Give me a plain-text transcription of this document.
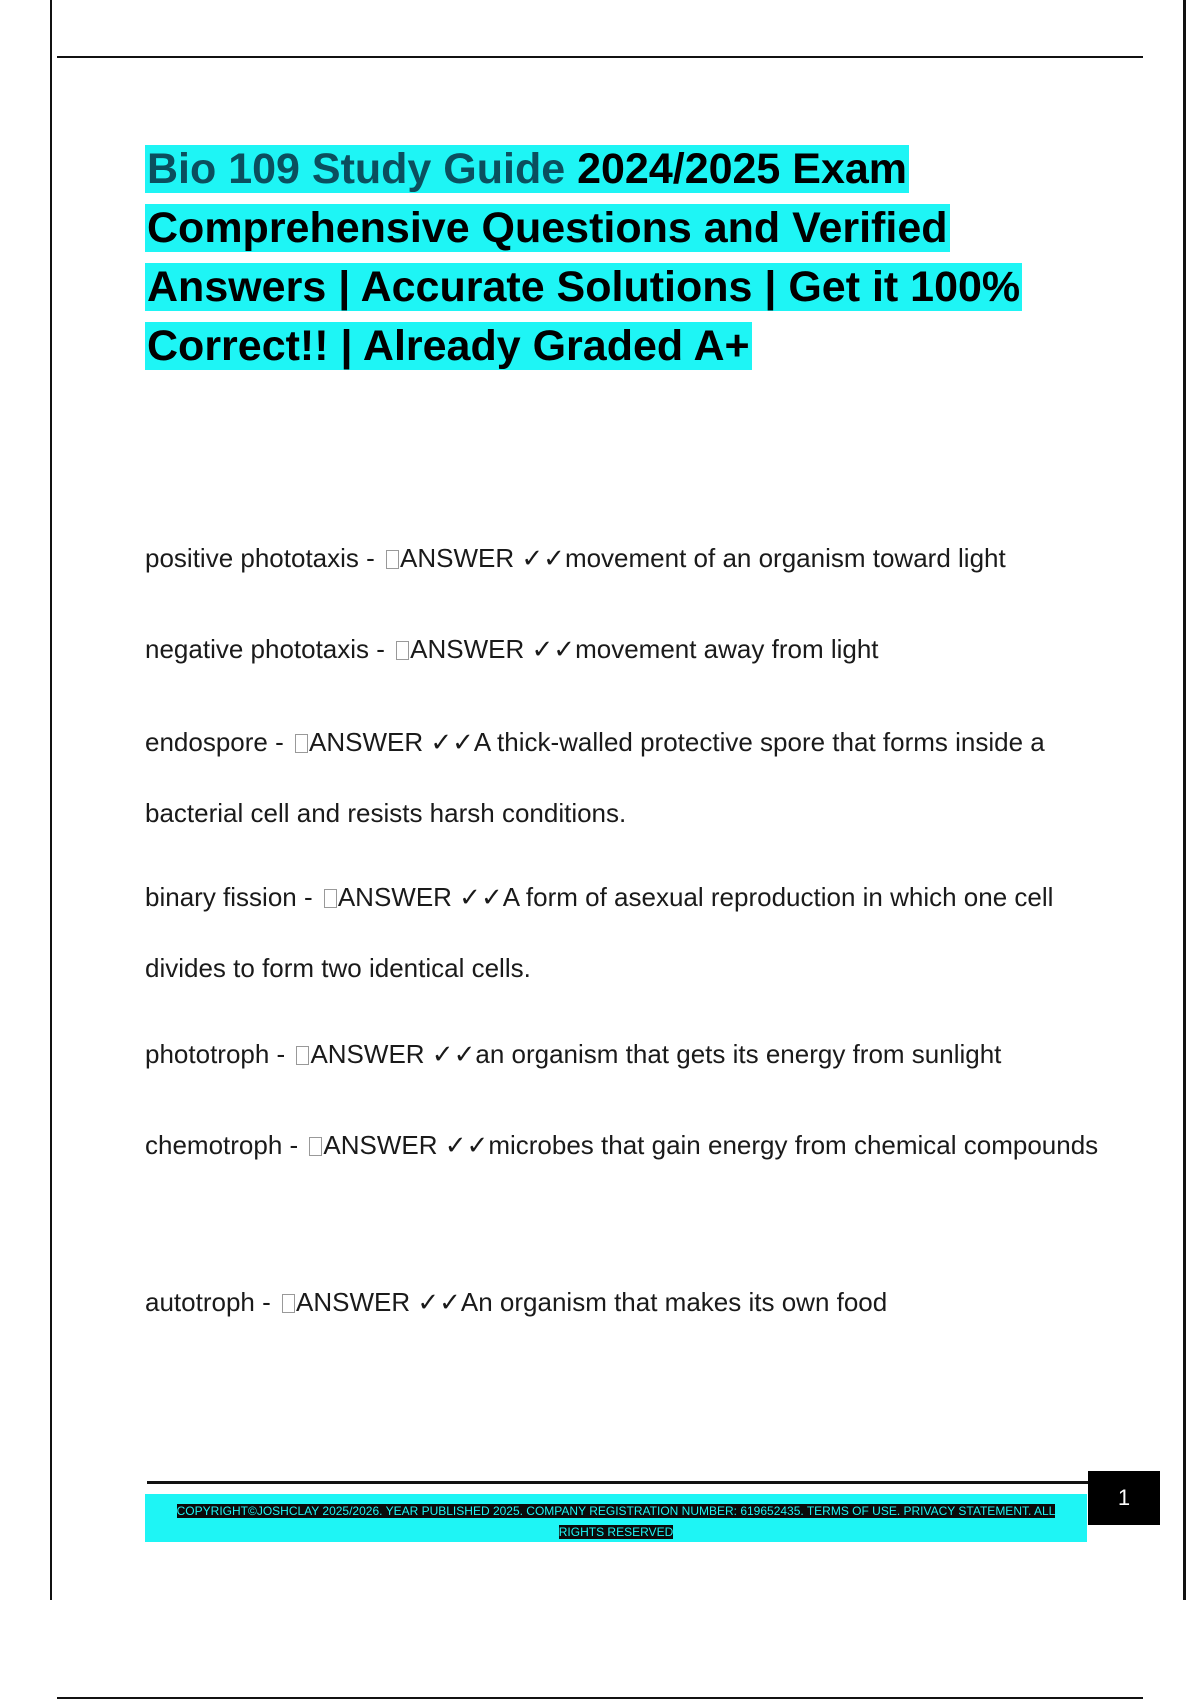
Bio 109 Study Guide 2024/2025 Exam Comprehensive Questions and Verified Answers | Accurate Solutions | Get it 100% Correct!! | Already Graded A+

positive phototaxis - ANSWER ✓✓movement of an organism toward light

negative phototaxis - ANSWER ✓✓movement away from light

endospore - ANSWER ✓✓A thick-walled protective spore that forms inside a bacterial cell and resists harsh conditions.

binary fission - ANSWER ✓✓A form of asexual reproduction in which one cell divides to form two identical cells.

phototroph - ANSWER ✓✓an organism that gets its energy from sunlight

chemotroph - ANSWER ✓✓microbes that gain energy from chemical compounds

autotroph - ANSWER ✓✓An organism that makes its own food

COPYRIGHT©JOSHCLAY 2025/2026. YEAR PUBLISHED 2025. COMPANY REGISTRATION NUMBER: 619652435. TERMS OF USE. PRIVACY STATEMENT. ALL RIGHTS RESERVED

1
